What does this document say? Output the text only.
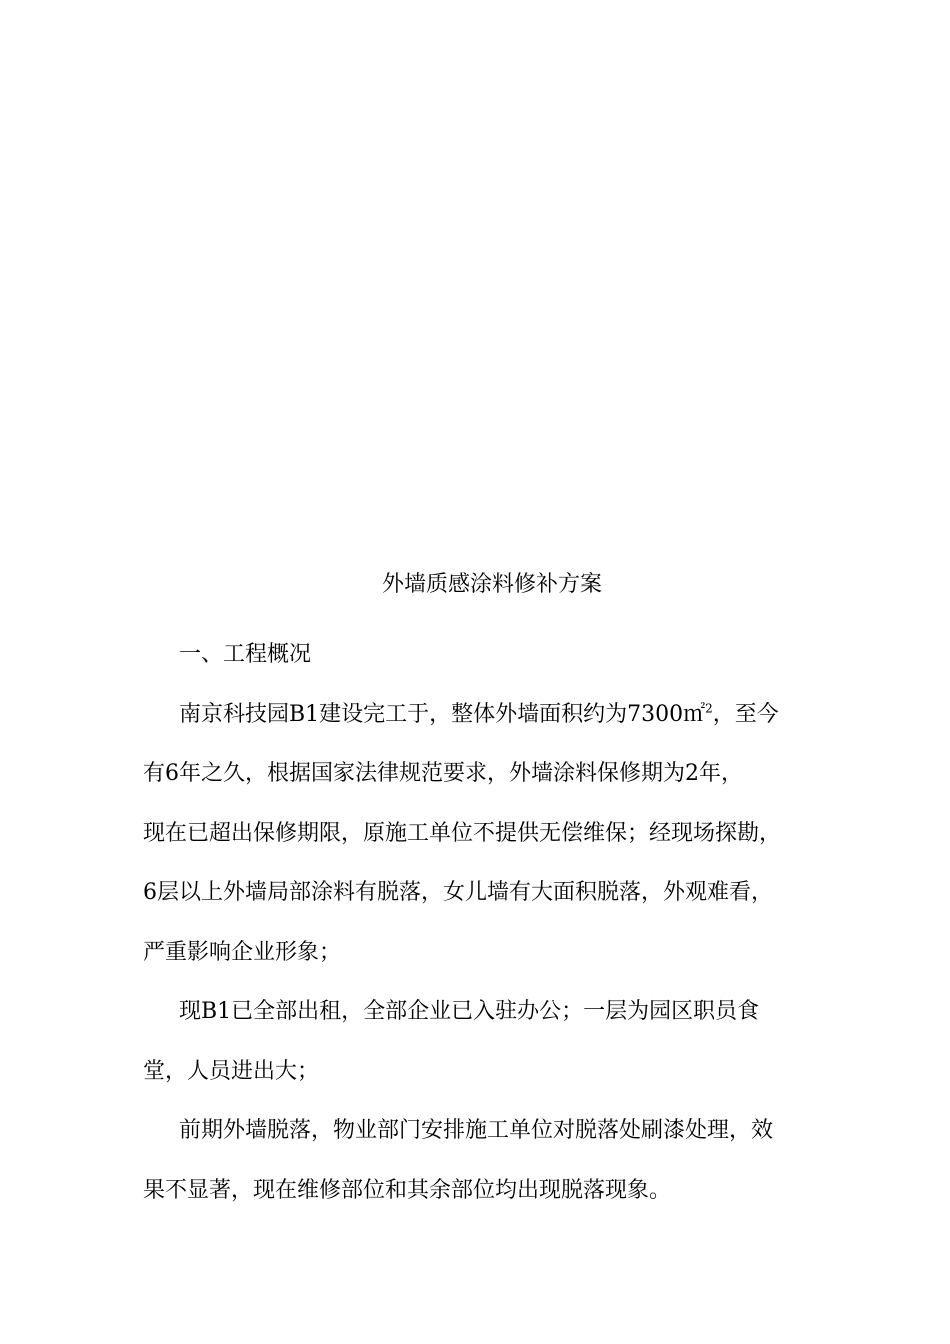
外墙质感涂料修补方案
一、工程概况
南京科技园B1建设完工于，整体外墙面积约为7300㎡$^2$，至今
有6年之久，根据国家法律规范要求，外墙涂料保修期为2年，
现在已超出保修期限，原施工单位不提供无偿维保；经现场探勘，
6层以上外墙局部涂料有脱落，女儿墙有大面积脱落，外观难看，
严重影响企业形象；
现B1已全部出租，全部企业已入驻办公；一层为园区职员食
堂，人员进出大；
前期外墙脱落，物业部门安排施工单位对脱落处刷漆处理，效
果不显著，现在维修部位和其余部位均出现脱落现象。
